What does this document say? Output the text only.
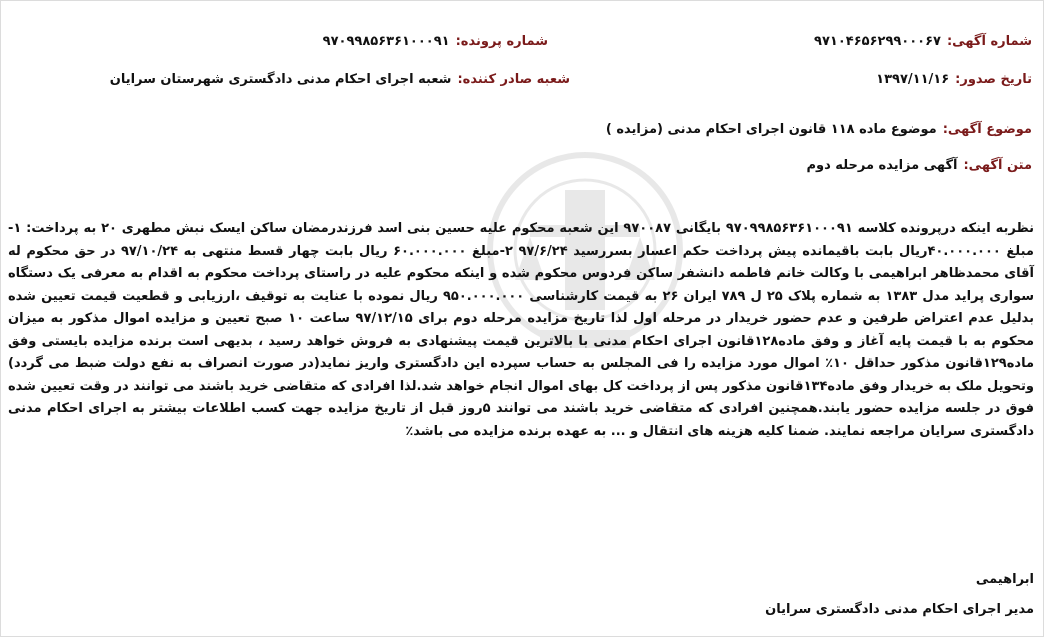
شماره آگهی:۹۷۱۰۴۶۵۶۲۹۹۰۰۰۶۷
شماره پرونده:۹۷۰۹۹۸۵۶۳۶۱۰۰۰۹۱
تاریخ صدور:۱۳۹۷/۱۱/۱۶
شعبه صادر کننده:شعبه اجرای احکام مدنی دادگستری شهرستان سرایان
موضوع آگهی:موضوع ماده ۱۱۸ قانون اجرای احکام مدنی (مزایده )
متن آگهی:آگهی مزایده مرحله دوم
نظربه اینکه درپرونده کلاسه ۹۷۰۹۹۸۵۶۳۶۱۰۰۰۹۱ بایگانی ۹۷۰۰۸۷ این شعبه محکوم علیه حسین بنی اسد فرزندرمضان ساکن ایسک نبش مطهری ۲۰ به پرداخت: ۱-مبلغ ۴۰.۰۰۰.۰۰۰ریال بابت باقیمانده پیش پرداخت حکم اعسار بسررسید ۹۷/۶/۲۴ ۲-مبلغ ۶۰.۰۰۰.۰۰۰ ریال بابت چهار قسط منتهی به ۹۷/۱۰/۲۴ در حق محکوم له آقای محمدظاهر ابراهیمی با وکالت خانم فاطمه دانشفر ساکن فردوس محکوم شده و اینکه محکوم علیه در راستای پرداخت محکوم به اقدام به معرفی یک دستگاه سواری پراید مدل ۱۳۸۳ به شماره پلاک ۲۵ ل ۷۸۹ ایران ۲۶ به قیمت کارشناسی ۹۵۰.۰۰۰.۰۰۰ ریال نموده با عنایت به توقیف ،ارزیابی و قطعیت قیمت تعیین شده بدلیل عدم اعتراض طرفین و عدم حضور خریدار در مرحله اول لذا تاریخ مزایده مرحله دوم برای ۹۷/۱۲/۱۵ ساعت ۱۰ صبح تعیین و مزایده اموال مذکور به میزان محکوم به با قیمت پایه آغاز و وفق ماده۱۲۸قانون اجرای احکام مدنی با بالاترین قیمت پیشنهادی به فروش خواهد رسید ، بدیهی است برنده مزایده بایستی وفق ماده۱۲۹قانون مذکور حداقل ۱۰٪ اموال مورد مزایده را فی المجلس به حساب سپرده این دادگستری واریز نماید(در صورت انصراف به نفع دولت ضبط می گردد) وتحویل ملک به خریدار وفق ماده۱۳۴قانون مذکور پس از پرداخت کل بهای اموال انجام خواهد شد.لذا افرادی که متقاضی خرید باشند می توانند در وقت تعیین شده فوق در جلسه مزایده حضور یابند.همچنین افرادی که متقاضی خرید باشند می توانند ۵روز قبل از تاریخ مزایده جهت کسب اطلاعات بیشتر به اجرای احکام مدنی دادگستری سرایان مراجعه نمایند. ضمنا کلیه هزینه های انتقال و ... به عهده برنده مزایده می باشد٪
ابراهیمی
مدیر اجرای احکام مدنی دادگستری سرایان
